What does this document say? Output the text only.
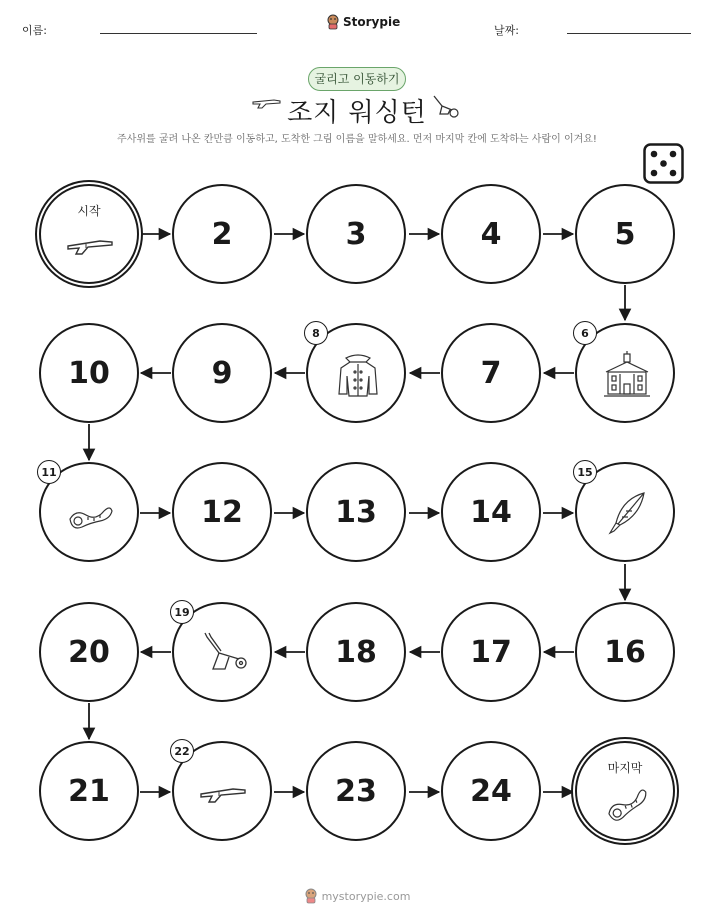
이름:
Storypie
날짜:
굴리고 이동하기
조지 워싱턴
주사위를 굴려 나온 칸만큼 이동하고, 도착한 그림 이름을 말하세요. 먼저 마지막 칸에 도착하는 사람이 이겨요!
시작
2	3	4	5
6
7
8
9
10
11
12	13	14
15
16
17
18
19
20
21
22
23	24
마지막
mystorypie.com
